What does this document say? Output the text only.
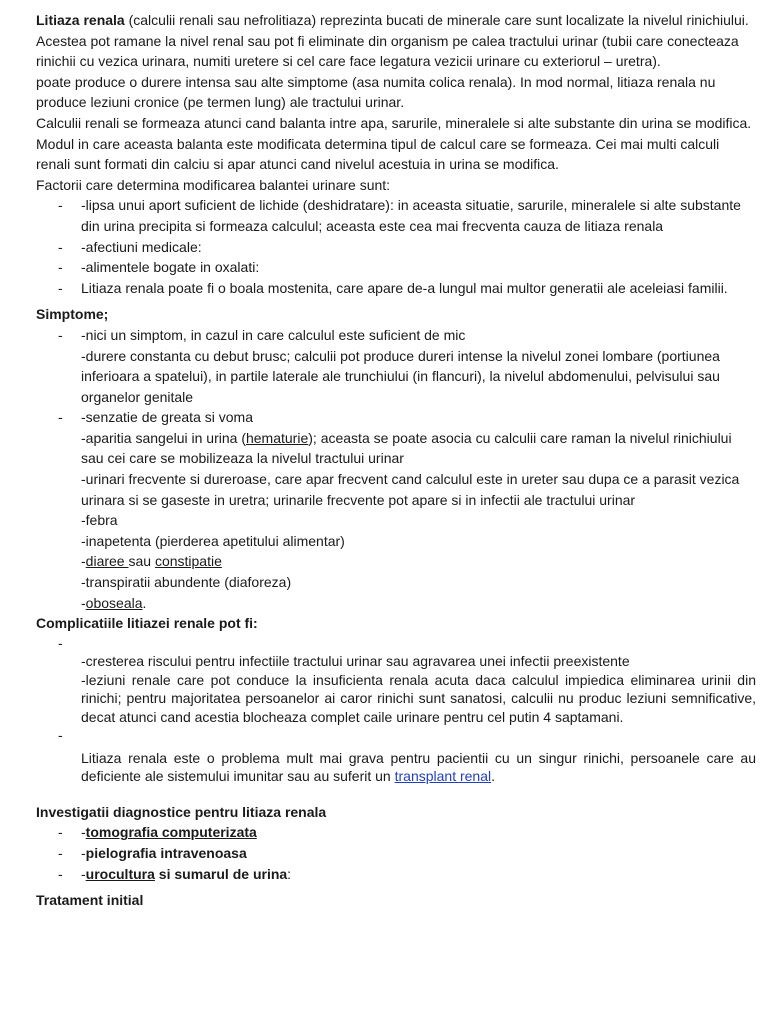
Litiaza renala (calculii renali sau nefrolitiaza) reprezinta bucati de minerale care sunt localizate la nivelul rinichiului. Acestea pot ramane la nivel renal sau pot fi eliminate din organism pe calea tractului urinar (tubii care conecteaza rinichii cu vezica urinara, numiti uretere si cel care face legatura vezicii urinare cu exteriorul – uretra).

poate produce o durere intensa sau alte simptome (asa numita colica renala). In mod normal, litiaza renala nu produce leziuni cronice (pe termen lung) ale tractului urinar.

Calculii renali se formeaza atunci cand balanta intre apa, sarurile, mineralele si alte substante din urina se modifica. Modul in care aceasta balanta este modificata determina tipul de calcul care se formeaza. Cei mai multi calculi renali sunt formati din calciu si apar atunci cand nivelul acestuia in urina se modifica.

Factorii care determina modificarea balantei urinare sunt:

- -lipsa unui aport suficient de lichide (deshidratare): in aceasta situatie, sarurile, mineralele si alte substante din urina precipita si formeaza calculul; aceasta este cea mai frecventa cauza de litiaza renala
- -afectiuni medicale:
- -alimentele bogate in oxalati:
- Litiaza renala poate fi o boala mostenita, care apare de-a lungul mai multor generatii ale aceleiasi familii.
Simptome;
- -nici un simptom, in cazul in care calculul este suficient de mic
-durere constanta cu debut brusc; calculii pot produce dureri intense la nivelul zonei lombare (portiunea inferioara a spatelui), in partile laterale ale trunchiului (in flancuri), la nivelul abdomenului, pelvisului sau organelor genitale
- -senzatie de greata si voma
-aparitia sangelui in urina (hematurie); aceasta se poate asocia cu calculii care raman la nivelul rinichiului sau cei care se mobilizeaza la nivelul tractului urinar
-urinari frecvente si dureroase, care apar frecvent cand calculul este in ureter sau dupa ce a parasit vezica urinara si se gaseste in uretra; urinarile frecvente pot apare si in infectii ale tractului urinar
-febra
-inapetenta (pierderea apetitului alimentar)
-diaree sau constipatie
-transpiratii abundente (diaforeza)
-oboseala.
Complicatiile litiazei renale pot fi:
-
-cresterea riscului pentru infectiile tractului urinar sau agravarea unei infectii preexistente
-leziuni renale care pot conduce la insuficienta renala acuta daca calculul impiedica eliminarea urinii din rinichi; pentru majoritatea persoanelor ai caror rinichi sunt sanatosi, calculii nu produc leziuni semnificative, decat atunci cand acestia blocheaza complet caile urinare pentru cel putin 4 saptamani.
-
Litiaza renala este o problema mult mai grava pentru pacientii cu un singur rinichi, persoanele care au deficiente ale sistemului imunitar sau au suferit un transplant renal.
Investigatii diagnostice pentru litiaza renala
- -tomografia computerizata
- -pielografia intravenoasa
- -urocultura si sumarul de urina:
Tratament initial
